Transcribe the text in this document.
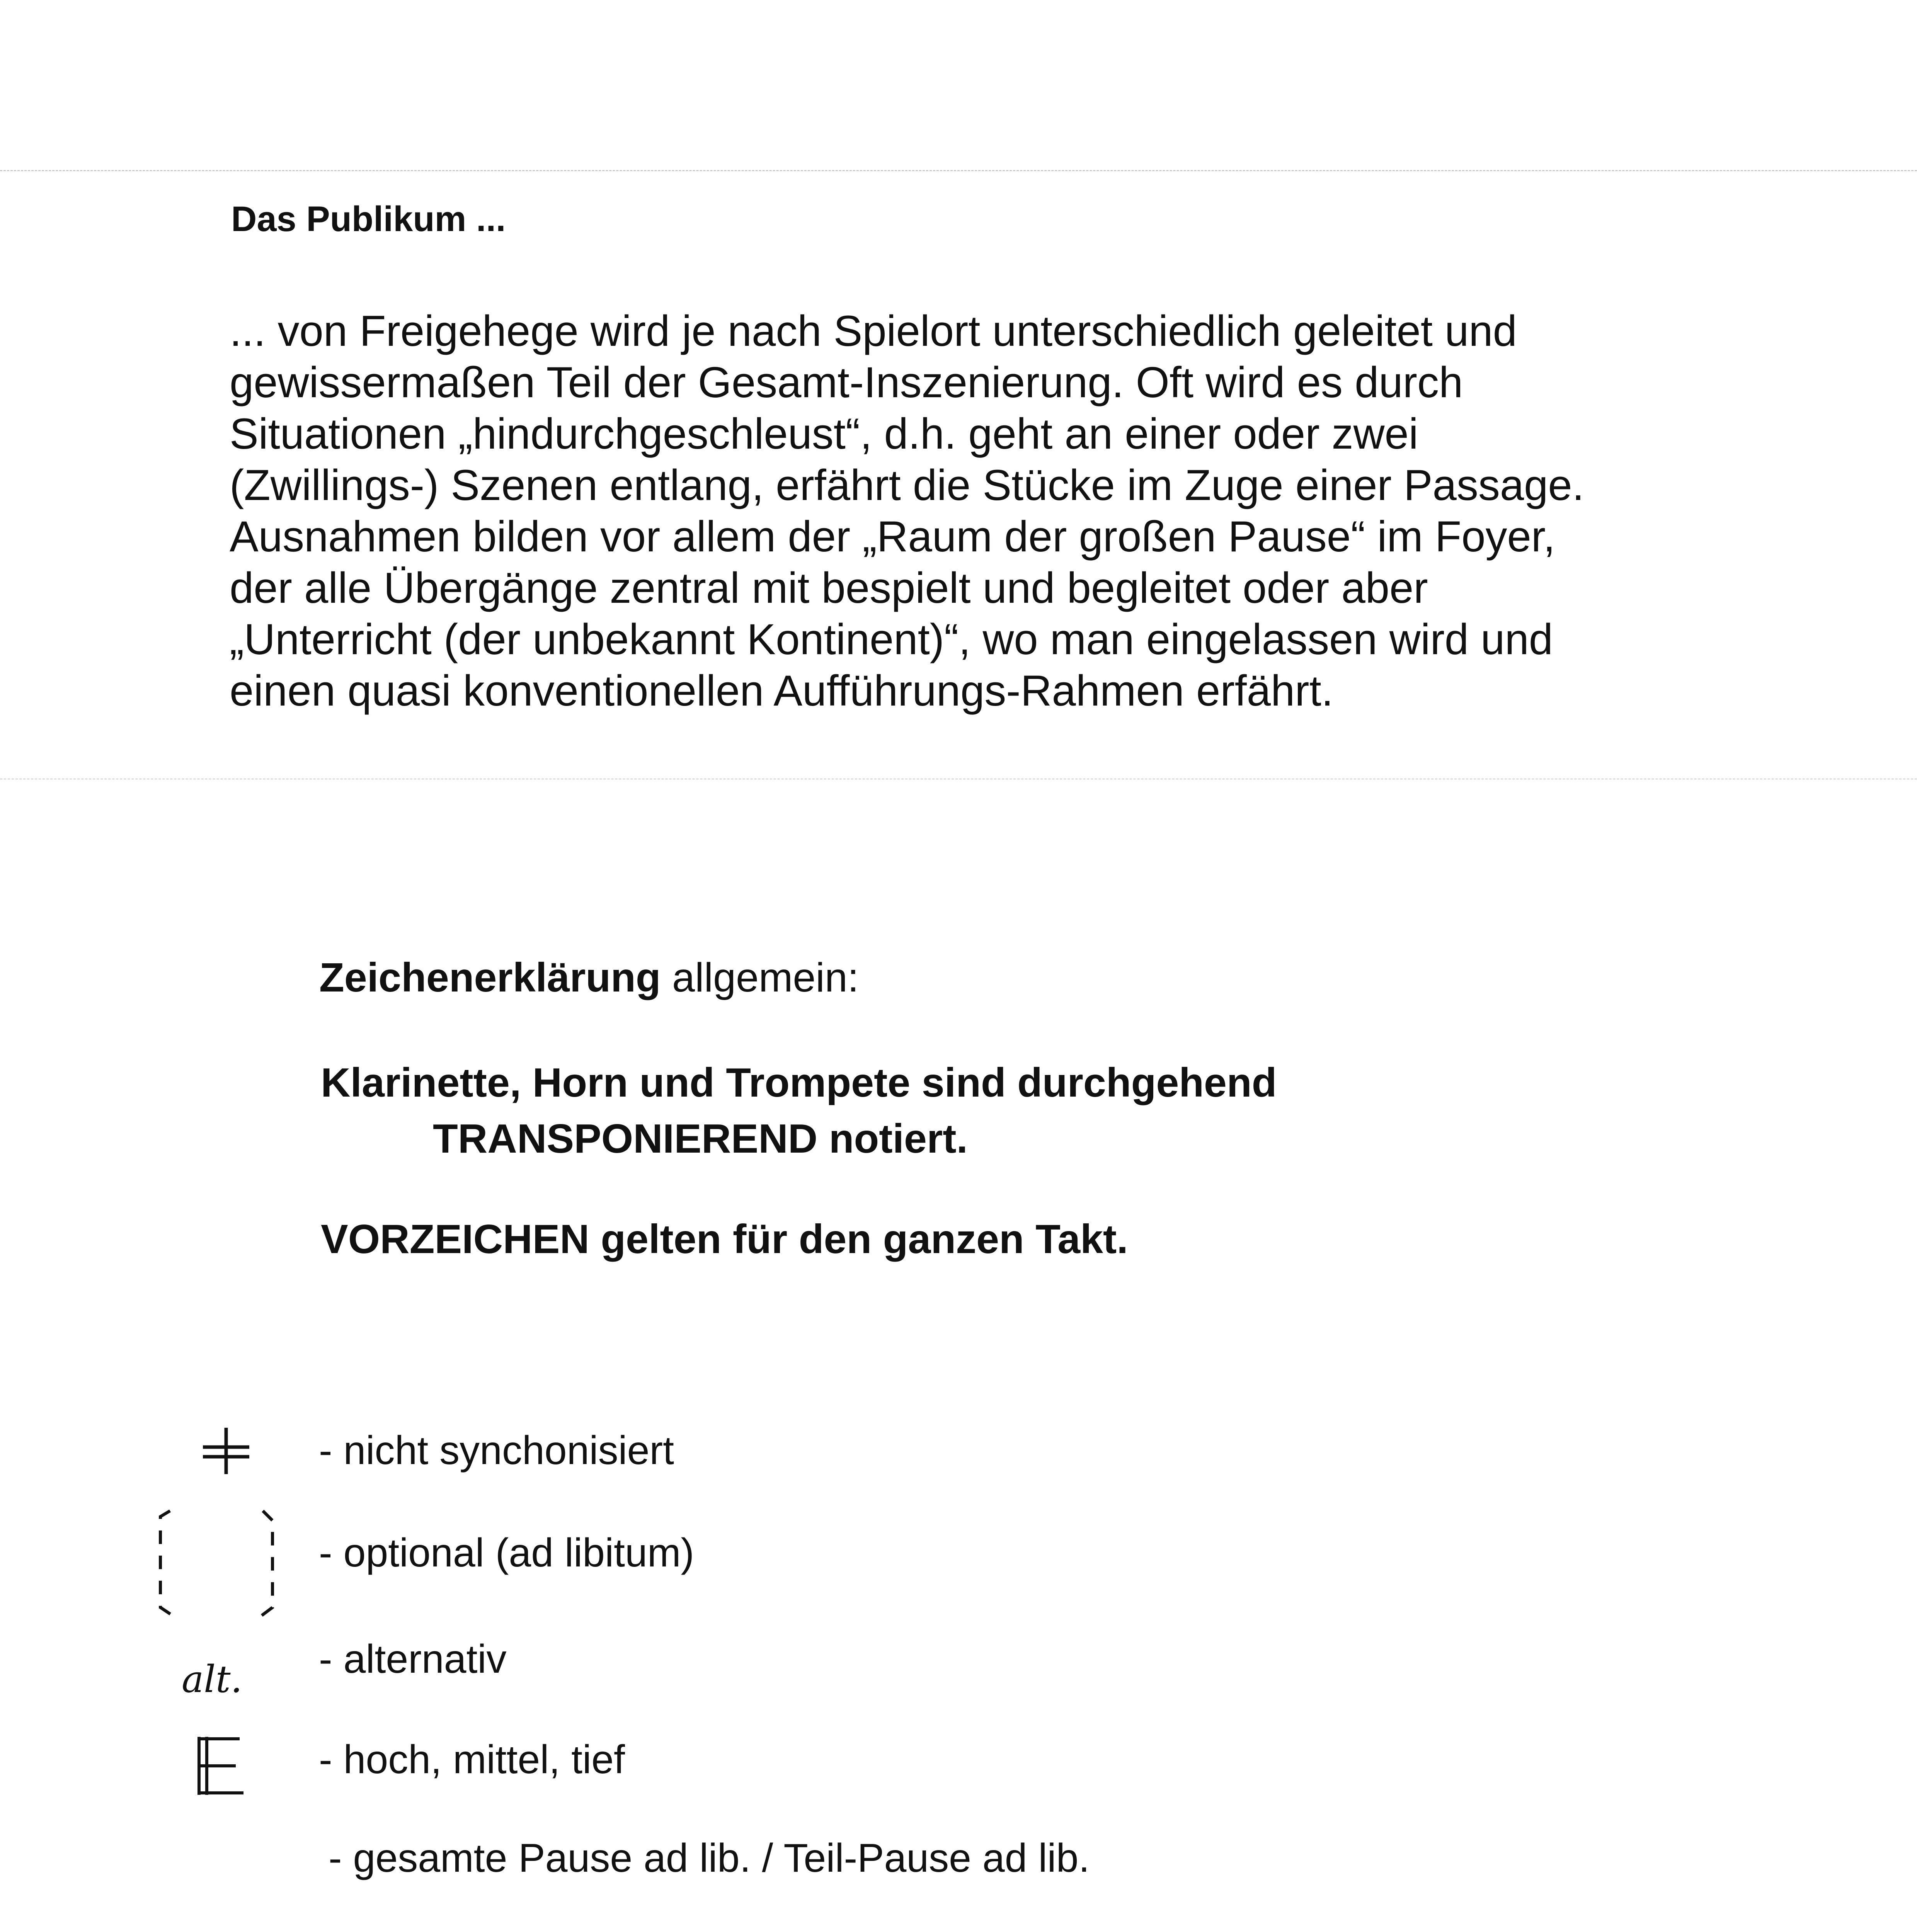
Das Publikum ...
... von Freigehege wird je nach Spielort unterschiedlich geleitet und
gewissermaßen Teil der Gesamt-Inszenierung. Oft wird es durch
Situationen „hindurchgeschleust“, d.h. geht an einer oder zwei
(Zwillings-) Szenen entlang, erfährt die Stücke im Zuge einer Passage.
Ausnahmen bilden vor allem der „Raum der großen Pause“ im Foyer,
der alle Übergänge zentral mit bespielt und begleitet oder aber
„Unterricht (der unbekannt Kontinent)“, wo man eingelassen wird und
einen quasi konventionellen Aufführungs-Rahmen erfährt.

Zeichenerklärung allgemein:

Klarinette, Horn und Trompete sind durchgehend
TRANSPONIEREND notiert.

VORZEICHEN gelten für den ganzen Takt.

- nicht synchonisiert
- optional (ad libitum)
alt. - alternativ
- hoch, mittel, tief
- gesamte Pause ad lib. / Teil-Pause ad lib.
